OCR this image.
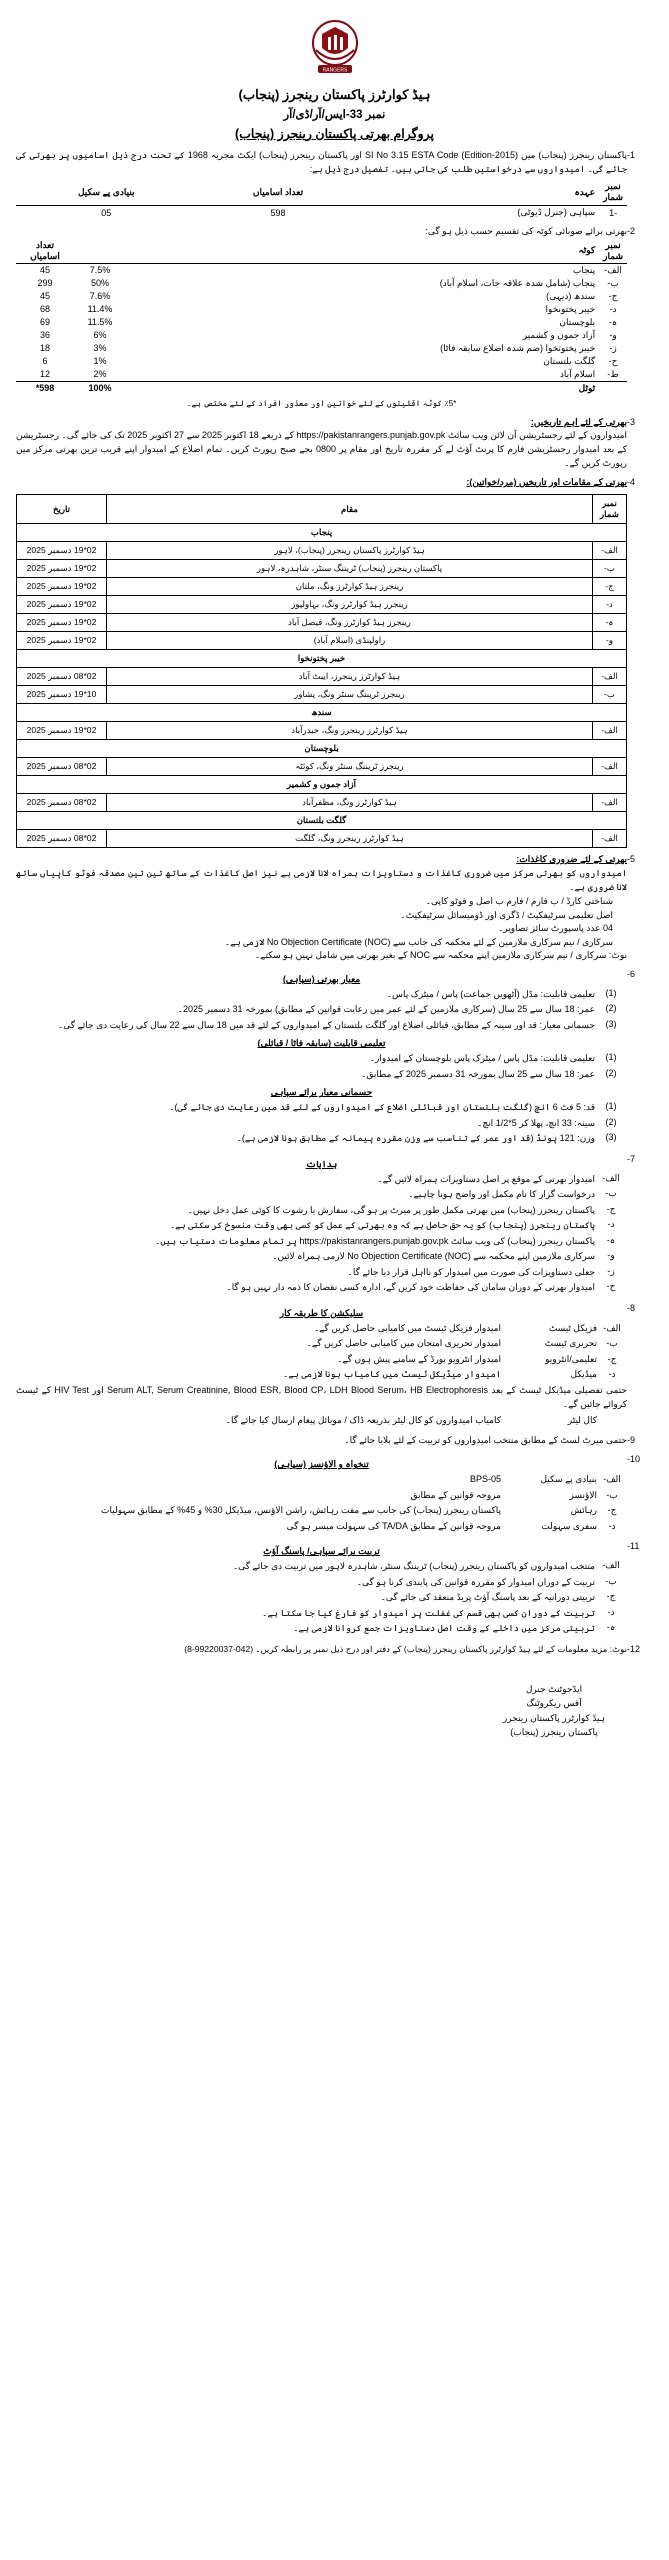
RANGERS
ہیڈ کوارٹرز پاکستان رینجرز (پنجاب)
نمبر 33-ایس/آر/ڈی/آر
پروگرام بھرتی پاکستان رینجرز (پنجاب)
1-
پاکستان رینجرز (پنجاب) میں SI No 3.15 ESTA Code (Edition-2015) اور پاکستان رینجرز (پنجاب) ایکٹ مجریہ 1968 کے تحت درج ذیل اسامیوں پر بھرتی کی جائے گی۔ امیدواروں سے درخواستیں طلب کی جاتی ہیں۔ تفصیل درج ذیل ہے:
نمبر شمار	عہدہ	تعداد اسامیاں	بنیادی پے سکیل
-1	سپاہی (جنرل ڈیوٹی)	598	05
2-
بھرتی برائے صوبائی کوٹہ کی تقسیم حسب ذیل ہو گی:
نمبر شمار	کوٹہ		تعداد اسامیاں
الف-	پنجاب	7.5%	45
ب-	پنجاب (شامل شدہ علاقہ جات، اسلام آباد)	50%	299
ج-	سندھ (دیہی)	7.6%	45
د-	خیبر پختونخوا	11.4%	68
ہ-	بلوچستان	11.5%	69
و-	آزاد جموں و کشمیر	6%	36
ز-	خیبر پختونخوا (ضم شدہ اضلاع سابقہ فاٹا)	3%	18
ح-	گلگت بلتستان	1%	6
ط-	اسلام آباد	2%	12
	ٹوٹل	100%	598*
*٪5 کوٹہ اقلیتوں کے لئے خواتین اور معذور افراد کے لئے مختص ہے۔
3-
بھرتی کے لئے اہم تاریخیں:
امیدواروں کے لئے رجسٹریشن آن لائن ویب سائٹ https://pakistanrangers.punjab.gov.pk کے ذریعے 18 اکتوبر 2025 سے 27 اکتوبر 2025 تک کی جائے گی۔ رجسٹریشن کے بعد امیدوار رجسٹریشن فارم کا پرنٹ آؤٹ لے کر مقررہ تاریخ اور مقام پر 0800 بجے صبح رپورٹ کریں۔ تمام اضلاع کے امیدوار اپنے قریب ترین بھرتی مرکز میں رپورٹ کریں گے۔
4-
بھرتی کے مقامات اور تاریخیں (مرد/خواتین):
نمبر شمار	مقام	تاریخ
پنجاب		
الف-	ہیڈ کوارٹرز پاکستان رینجرز (پنجاب)، لاہور	02*19 دسمبر 2025
ب-	پاکستان رینجرز (پنجاب) ٹریننگ سنٹر، شاہدرہ، لاہور	02*19 دسمبر 2025
ج-	رینجرز ہیڈ کوارٹرز ونگ، ملتان	02*19 دسمبر 2025
د-	رینجرز ہیڈ کوارٹرز ونگ، بہاولپور	02*19 دسمبر 2025
ہ-	رینجرز ہیڈ کوارٹرز ونگ، فیصل آباد	02*19 دسمبر 2025
و-	راولپنڈی (اسلام آباد)	02*19 دسمبر 2025
خیبر پختونخوا		
الف-	ہیڈ کوارٹرز رینجرز، ایبٹ آباد	02*08 دسمبر 2025
ب-	رینجرز ٹریننگ سنٹر ونگ، پشاور	10*19 دسمبر 2025
سندھ		
الف-	ہیڈ کوارٹرز رینجرز ونگ، حیدرآباد	02*19 دسمبر 2025
بلوچستان		
الف-	رینجرز ٹریننگ سنٹر ونگ، کوئٹہ	02*08 دسمبر 2025
آزاد جموں و کشمیر		
الف-	ہیڈ کوارٹرز ونگ، مظفرآباد	02*08 دسمبر 2025
گلگت بلتستان		
الف-	ہیڈ کوارٹرز رینجرز ونگ، گلگت	02*08 دسمبر 2025
5-
بھرتی کے لئے ضروری کاغذات:
امیدواروں کو بھرتی مرکز میں ضروری کاغذات و دستاویزات ہمراہ لانا لازمی ہے نیز اصل کاغذات کے ساتھ تین تین مصدقہ فوٹو کاپیاں ساتھ لانا ضروری ہے۔
شناختی کارڈ / ب فارم / فارم ب اصل و فوٹو کاپی۔
اصل تعلیمی سرٹیفکیٹ / ڈگری اور ڈومیسائل سرٹیفکیٹ۔
04 عدد پاسپورٹ سائز تصاویر۔
سرکاری / نیم سرکاری ملازمین کے لئے محکمہ کی جانب سے No Objection Certificate (NOC) لازمی ہے۔
نوٹ: سرکاری / نیم سرکاری ملازمین اپنے محکمہ سے NOC کے بغیر بھرتی میں شامل نہیں ہو سکتے۔
6-
معیار بھرتی (سپاہی)
(1)
تعلیمی قابلیت: مڈل (آٹھویں جماعت) پاس / میٹرک پاس۔
(2)
عمر: 18 سال سے 25 سال (سرکاری ملازمین کے لئے عمر میں رعایت قوانین کے مطابق) بمورخہ 31 دسمبر 2025۔
(3)
جسمانی معیار: قد اور سینہ کے مطابق، قبائلی اضلاع اور گلگت بلتستان کے امیدواروں کے لئے قد میں 18 سال سے 22 سال کی رعایت دی جائے گی۔
تعلیمی قابلیت (سابقہ فاٹا / قبائلی)
(1)
تعلیمی قابلیت: مڈل پاس / میٹرک پاس بلوچستان کے امیدوار۔
(2)
عمر: 18 سال سے 25 سال بمورخہ 31 دسمبر 2025 کے مطابق۔
جسمانی معیار برائے سپاہی
(1)
قد: 5 فٹ 6 انچ (گلگت بلتستان اور قبائلی اضلاع کے امیدواروں کے لئے قد میں رعایت دی جائے گی)۔
(2)
سینہ: 33 انچ، پھلا کر 5*1/2 انچ۔
(3)
وزن: 121 پونڈ (قد اور عمر کے تناسب سے وزن مقررہ پیمانہ کے مطابق ہونا لازمی ہے)۔
7-
ہدایات
الف-
امیدوار بھرتی کے موقع پر اصل دستاویزات ہمراہ لائیں گے۔
ب-
درخواست گزار کا نام مکمل اور واضح ہونا چاہیے۔
ج-
پاکستان رینجرز (پنجاب) میں بھرتی مکمل طور پر میرٹ پر ہو گی، سفارش یا رشوت کا کوئی عمل دخل نہیں۔
د-
پاکستان رینجرز (پنجاب) کو یہ حق حاصل ہے کہ وہ بھرتی کے عمل کو کسی بھی وقت منسوخ کر سکتی ہے۔
ہ-
پاکستان رینجرز (پنجاب) کی ویب سائٹ https://pakistanrangers.punjab.gov.pk پر تمام معلومات دستیاب ہیں۔
و-
سرکاری ملازمین اپنے محکمہ سے No Objection Certificate (NOC) لازمی ہمراہ لائیں۔
ز-
جعلی دستاویزات کی صورت میں امیدوار کو نااہل قرار دیا جائے گا۔
ح-
امیدوار بھرتی کے دوران سامان کی حفاظت خود کریں گے، ادارہ کسی نقصان کا ذمہ دار نہیں ہو گا۔
8-
سلیکشن کا طریقہ کار
الف-
فزیکل ٹیسٹ
امیدوار فزیکل ٹیسٹ میں کامیابی حاصل کریں گے۔
ب-
تحریری ٹیسٹ
امیدوار تحریری امتحان میں کامیابی حاصل کریں گے۔
ج-
تعلیمی/انٹرویو
امیدوار انٹرویو بورڈ کے سامنے پیش ہوں گے۔
د-
میڈیکل
امیدوار میڈیکل ٹیسٹ میں کامیاب ہونا لازمی ہے۔
حتمی تفصیلی میڈیکل ٹیسٹ کے بعد Serum ALT, Serum Creatinine, Blood ESR, Blood CP، LDH Blood Serum، HB Electrophoresis اور HIV Test کے ٹیسٹ کروائے جائیں گے۔
کال لیٹر
کامیاب امیدواروں کو کال لیٹر بذریعہ ڈاک / موبائل پیغام ارسال کیا جائے گا۔
9-
حتمی میرٹ لسٹ کے مطابق منتخب امیدواروں کو تربیت کے لئے بلایا جائے گا۔
10-
تنخواہ و الاؤنسز (سپاہی)
الف-
بنیادی پے سکیل
BPS-05
ب-
الاؤنسز
مروجہ قوانین کے مطابق
ج-
رہائش
پاکستان رینجرز (پنجاب) کی جانب سے مفت رہائش، راشن الاؤنس، میڈیکل 30% و 45% کے مطابق سہولیات
د-
سفری سہولت
مروجہ قوانین کے مطابق TA/DA کی سہولت میسر ہو گی
11-
تربیت برائے سپاہی/ پاسنگ آؤٹ
الف-
منتخب امیدواروں کو پاکستان رینجرز (پنجاب) ٹریننگ سنٹر، شاہدرہ لاہور میں تربیت دی جائے گی۔
ب-
تربیت کے دوران امیدوار کو مقررہ قوانین کی پابندی کرنا ہو گی۔
ج-
تربیتی دورانیہ کے بعد پاسنگ آؤٹ پریڈ منعقد کی جائے گی۔
د-
تربیت کے دوران کسی بھی قسم کی غفلت پر امیدوار کو فارغ کیا جا سکتا ہے۔
ہ-
تربیتی مرکز میں داخلے کے وقت اصل دستاویزات جمع کروانا لازمی ہے۔
12-
نوٹ: مزید معلومات کے لئے ہیڈ کوارٹرز پاکستان رینجرز (پنجاب) کے دفتر اور درج ذیل نمبر پر رابطہ کریں۔ (042-99220037-8)
ایڈجوٹنٹ جنرل
آفس ریکروٹنگ
ہیڈ کوارٹرز پاکستان رینجرز
پاکستان رینجرز (پنجاب)
